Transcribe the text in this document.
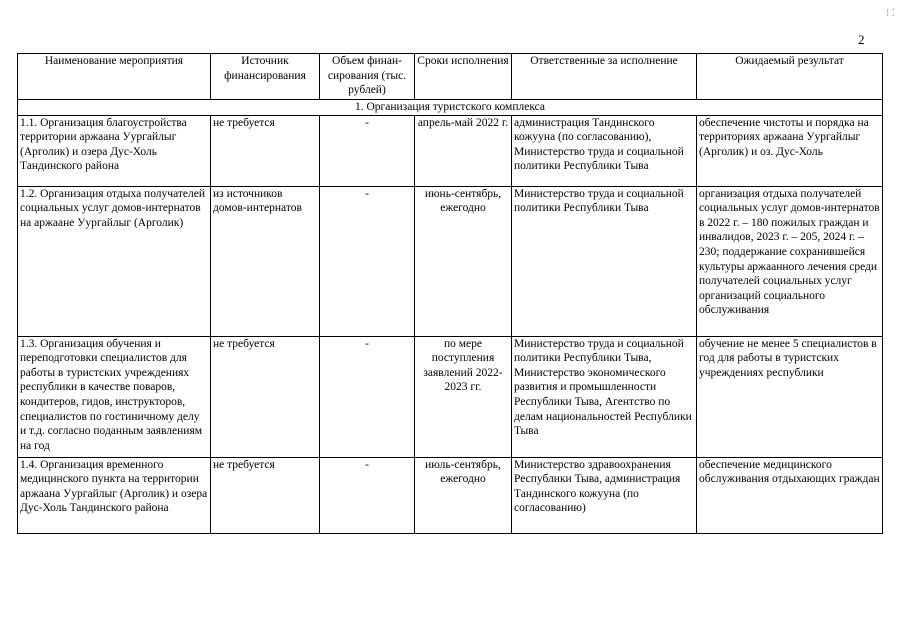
⁝ ⁚
2
Наименование мероприятия	Источник финансирования	Объем финансирования (тыс. рублей)	Сроки исполнения	Ответственные за исполнение	Ожидаемый результат
1. Организация туристского комплекса					
1.1. Организация благоустройства территории аржаана Уургайлыг (Арголик) и озера Дус-Холь Тандинского района	не требуется	-	апрель-май 2022 г.	администрация Тандинского кожууна (по согласованию), Министерство труда и социальной политики Республики Тыва	обеспечение чистоты и порядка на территориях аржаана Уургайлыг (Арголик) и оз. Дус-Холь
1.2. Организация отдыха получателей социальных услуг домов-интернатов на аржаане Уургайлыг (Арголик)	из источников домов-интернатов	-	июнь-сентябрь, ежегодно	Министерство труда и социальной политики Республики Тыва	организация отдыха получателей социальных услуг домов-интернатов в 2022 г. – 180 пожилых граждан и инвалидов, 2023 г. – 205, 2024 г. – 230; поддержание сохранившейся культуры аржаанного лечения среди получателей социальных услуг организаций социального обслуживания
1.3. Организация обучения и переподготовки специалистов для работы в туристских учреждениях республики в качестве поваров, кондитеров, гидов, инструкторов, специалистов по гостиничному делу и т.д. согласно поданным заявлениям на год	не требуется	-	по мере поступления заявлений 2022-2023 гг.	Министерство труда и социальной политики Республики Тыва, Министерство экономического развития и промышленности Республики Тыва, Агентство по делам национальностей Республики Тыва	обучение не менее 5 специалистов в год для работы в туристских учреждениях республики
1.4. Организация временного медицинского пункта на территории аржаана Уургайлыг (Арголик) и озера Дус-Холь Тандинского района	не требуется	-	июль-сентябрь, ежегодно	Министерство здравоохранения Республики Тыва, администрация Тандинского кожууна (по согласованию)	обеспечение медицинского обслуживания отдыхающих граждан
